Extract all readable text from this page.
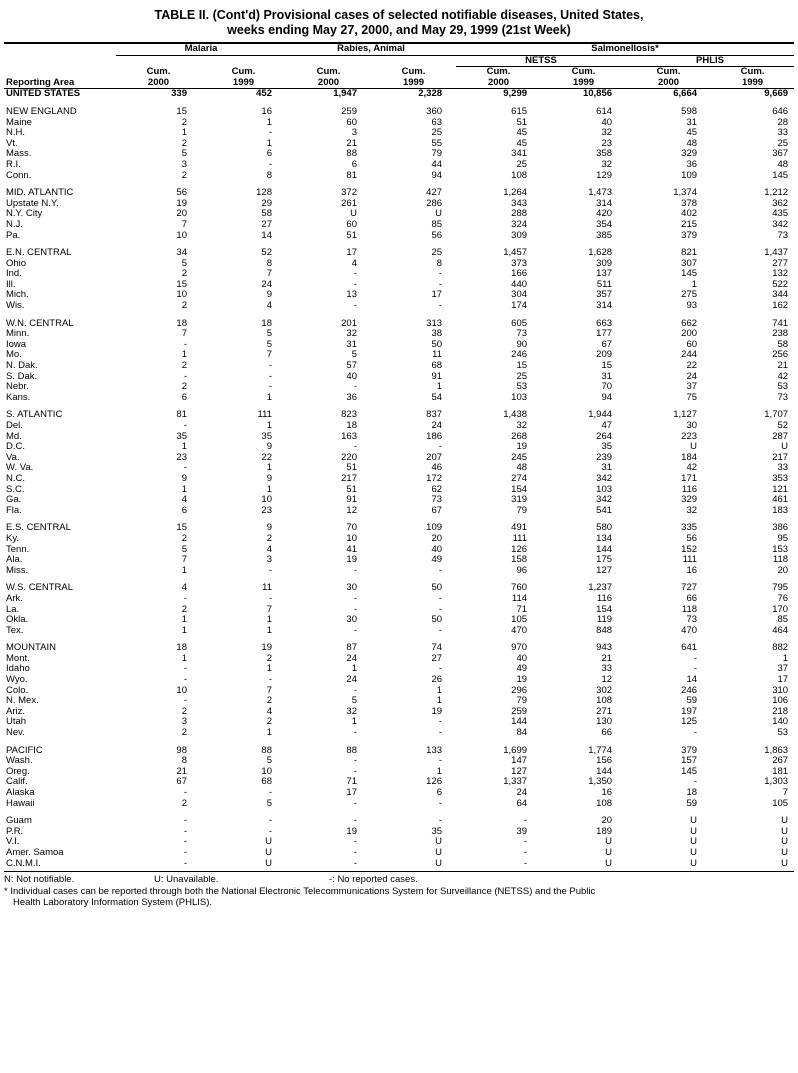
TABLE II. (Cont'd) Provisional cases of selected notifiable diseases, United States,
weeks ending May 27, 2000, and May 29, 1999 (21st Week)
	Malaria		Rabies, Animal		Salmonellosis*			
					NETSS		PHLIS	
	Cum.	Cum.	Cum.	Cum.	Cum.	Cum.	Cum.	Cum.
Reporting Area	2000	1999	2000	1999	2000	1999	2000	1999
UNITED STATES	339	452	1,947	2,328	9,299	10,856	6,664	9,669

NEW ENGLAND	15	16	259	360	615	614	598	646
Maine	2	1	60	63	51	40	31	28
N.H.	1	-	3	25	45	32	45	33
Vt.	2	1	21	55	45	23	48	25
Mass.	5	6	88	79	341	358	329	367
R.I.	3	-	6	44	25	32	36	48
Conn.	2	8	81	94	108	129	109	145

MID. ATLANTIC	56	128	372	427	1,264	1,473	1,374	1,212
Upstate N.Y.	19	29	261	286	343	314	378	362
N.Y. City	20	58	U	U	288	420	402	435
N.J.	7	27	60	85	324	354	215	342
Pa.	10	14	51	56	309	385	379	73

E.N. CENTRAL	34	52	17	25	1,457	1,628	821	1,437
Ohio	5	8	4	8	373	309	307	277
Ind.	2	7	-	-	166	137	145	132
Ill.	15	24	-	-	440	511	1	522
Mich.	10	9	13	17	304	357	275	344
Wis.	2	4	-	-	174	314	93	162

W.N. CENTRAL	18	18	201	313	605	663	662	741
Minn.	7	5	32	38	73	177	200	238
Iowa	-	5	31	50	90	67	60	58
Mo.	1	7	5	11	246	209	244	256
N. Dak.	2	-	57	68	15	15	22	21
S. Dak.	-	-	40	91	25	31	24	42
Nebr.	2	-	-	1	53	70	37	53
Kans.	6	1	36	54	103	94	75	73

S. ATLANTIC	81	111	823	837	1,438	1,944	1,127	1,707
Del.	-	1	18	24	32	47	30	52
Md.	35	35	163	186	268	264	223	287
D.C.	1	9	-	-	19	35	U	U
Va.	23	22	220	207	245	239	184	217
W. Va.	-	1	51	46	48	31	42	33
N.C.	9	9	217	172	274	342	171	353
S.C.	1	1	51	62	154	103	116	121
Ga.	4	10	91	73	319	342	329	461
Fla.	6	23	12	67	79	541	32	183

E.S. CENTRAL	15	9	70	109	491	580	335	386
Ky.	2	2	10	20	111	134	56	95
Tenn.	5	4	41	40	126	144	152	153
Ala.	7	3	19	49	158	175	111	118
Miss.	1	-	-	-	96	127	16	20

W.S. CENTRAL	4	11	30	50	760	1,237	727	795
Ark.	-	-	-	-	114	116	66	76
La.	2	7	-	-	71	154	118	170
Okla.	1	1	30	50	105	119	73	85
Tex.	1	1	-	-	470	848	470	464

MOUNTAIN	18	19	87	74	970	943	641	882
Mont.	1	2	24	27	40	21	-	1
Idaho	-	1	1	-	49	33	-	37
Wyo.	-	-	24	26	19	12	14	17
Colo.	10	7	-	1	296	302	246	310
N. Mex.	-	2	5	1	79	108	59	106
Ariz.	2	4	32	19	259	271	197	218
Utah	3	2	1	-	144	130	125	140
Nev.	2	1	-	-	84	66	-	53

PACIFIC	98	88	88	133	1,699	1,774	379	1,863
Wash.	8	5	-	-	147	156	157	267
Oreg.	21	10	-	1	127	144	145	181
Calif.	67	68	71	126	1,337	1,350	-	1,303
Alaska	-	-	17	6	24	16	18	7
Hawaii	2	5	-	-	64	108	59	105

Guam	-	-	-	-	-	20	U	U
P.R.	-	-	19	35	39	189	U	U
V.I.	-	U	-	U	-	U	U	U
Amer. Samoa	-	U	-	U	-	U	U	U
C.N.M.I.	-	U	-	U	-	U	U	U
N: Not notifiable.	U: Unavailable.	-: No reported cases.
* Individual cases can be reported through both the National Electronic Telecommunications System for Surveillance (NETSS) and the Public
Health Laboratory Information System (PHLIS).
